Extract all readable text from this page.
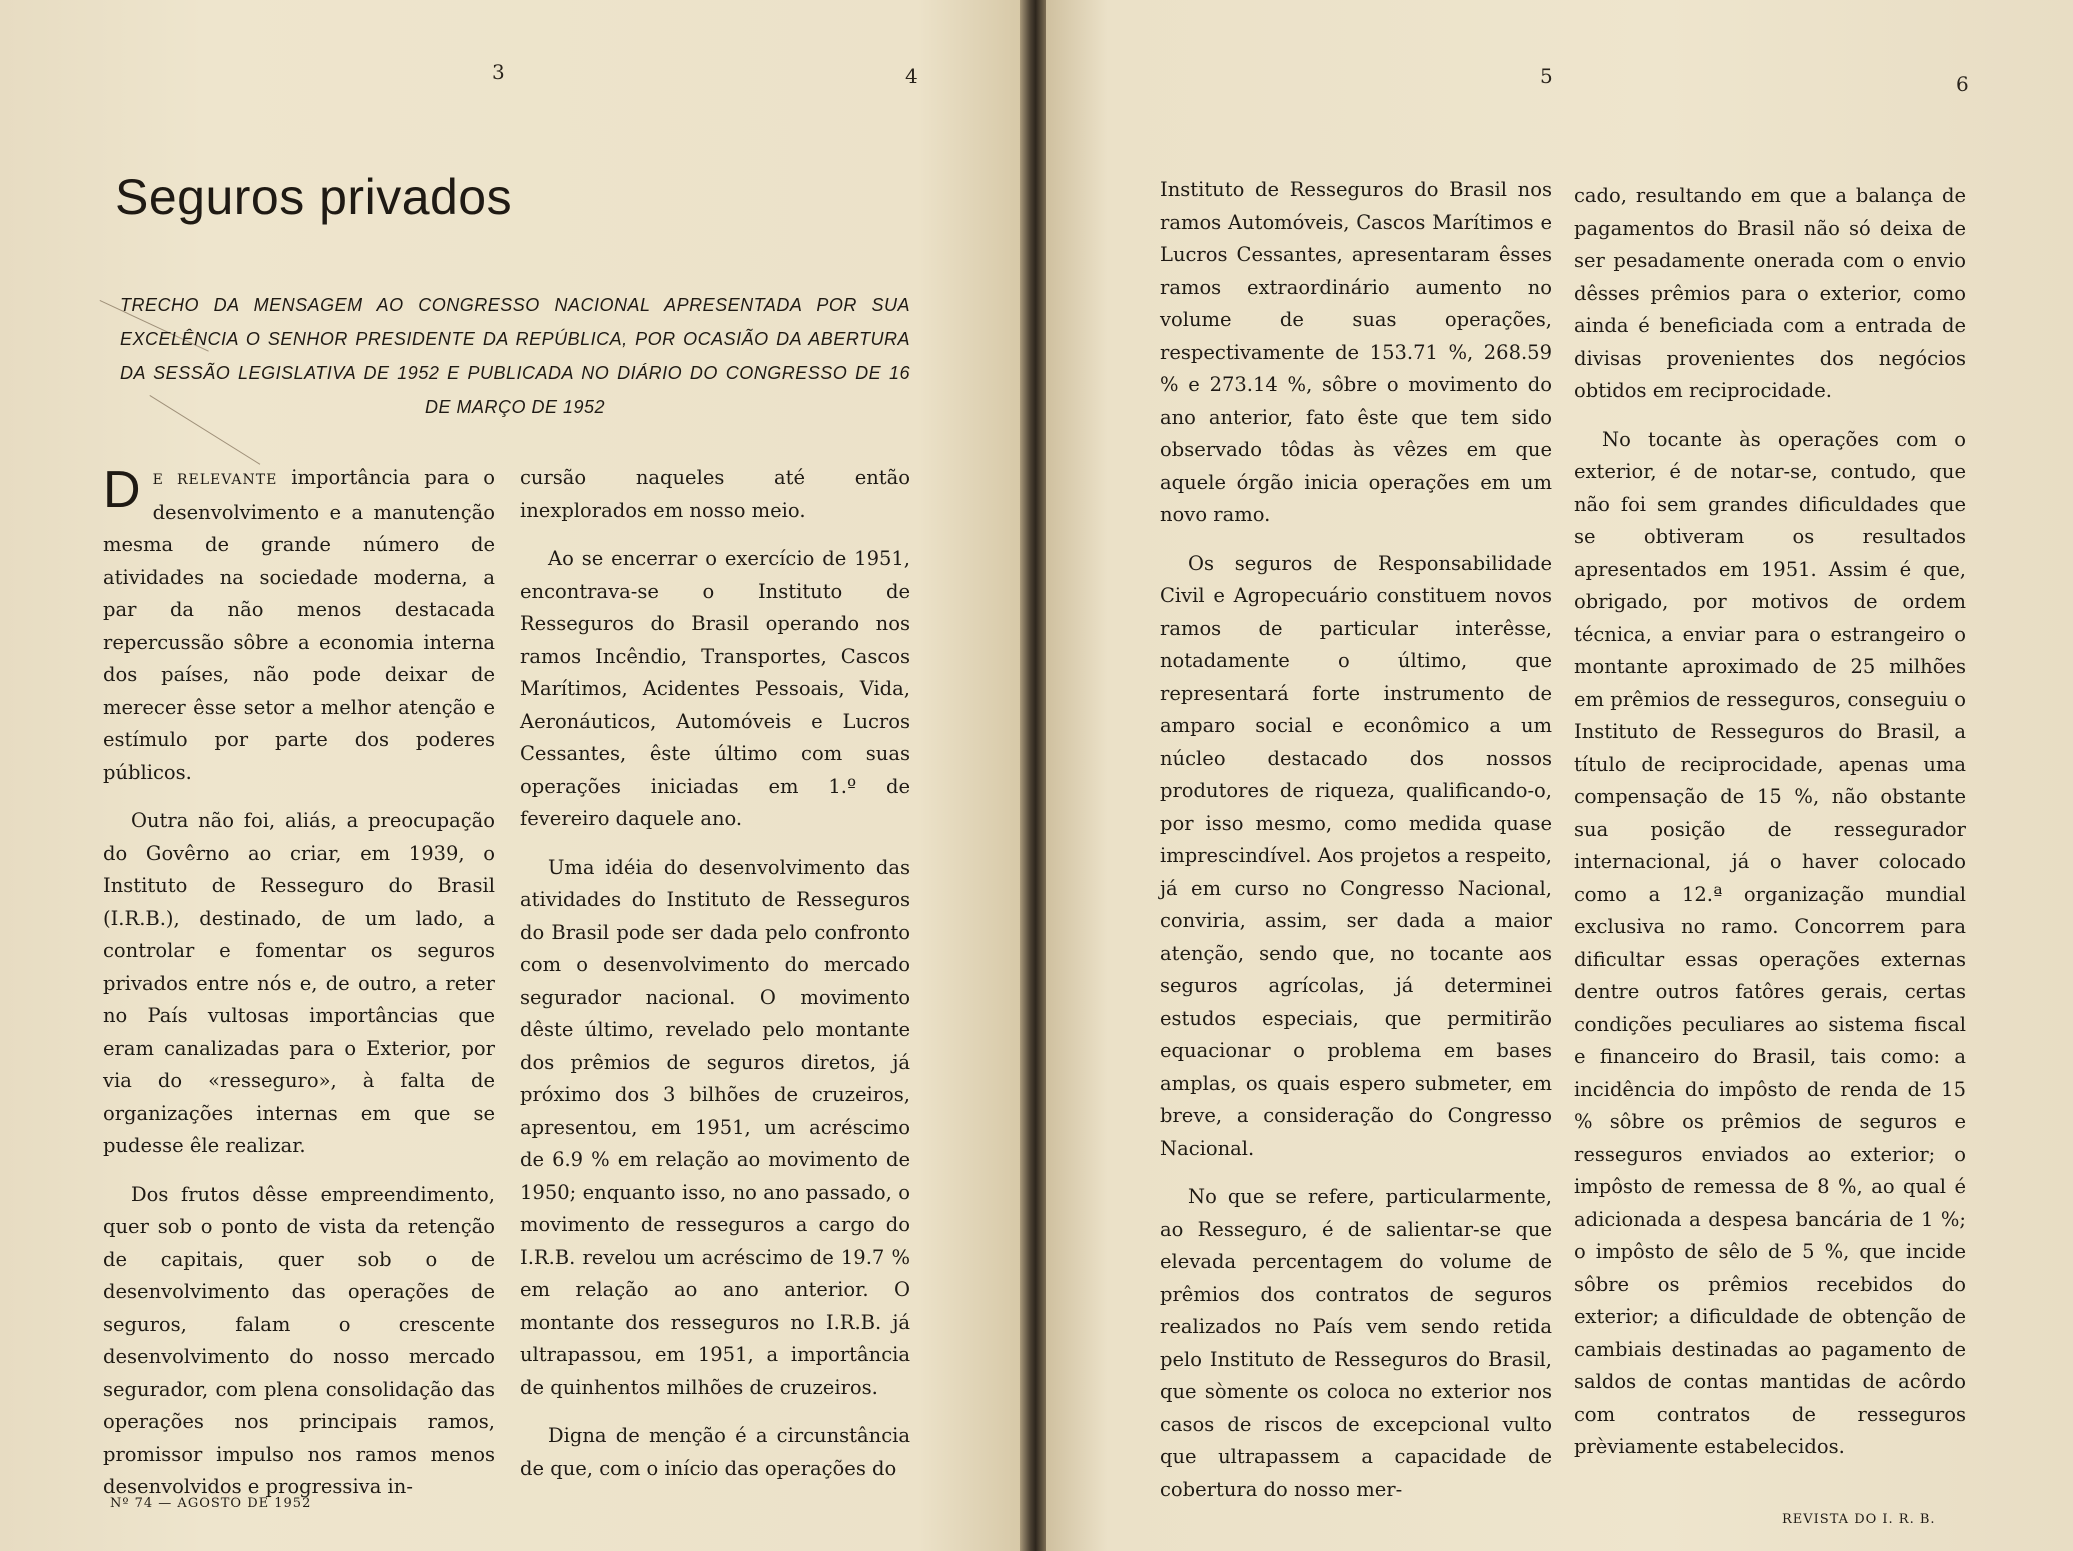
3	4
Seguros privados
TRECHO DA MENSAGEM AO CONGRESSO NACIONAL APRESENTADA POR SUA EXCELÊNCIA O SENHOR PRESIDENTE DA REPÚBLICA, POR OCASIÃO DA ABERTURA DA SESSÃO LEGISLATIVA DE 1952 E PUBLICADA NO DIÁRIO DO CONGRESSO DE 16 DE MARÇO DE 1952

D E RELEVANTE importância para o desenvolvimento e a manutenção mesma de grande número de atividades na sociedade moderna, a par da não menos destacada repercussão sôbre a economia interna dos países, não pode deixar de merecer êsse setor a melhor atenção e estímulo por parte dos poderes públicos.

Outra não foi, aliás, a preocupação do Govêrno ao criar, em 1939, o Instituto de Resseguro do Brasil (I.R.B.), destinado, de um lado, a controlar e fomentar os seguros privados entre nós e, de outro, a reter no País vultosas importâncias que eram canalizadas para o Exterior, por via do «resseguro», à falta de organizações internas em que se pudesse êle realizar.

Dos frutos dêsse empreendimento, quer sob o ponto de vista da retenção de capitais, quer sob o de desenvolvimento das operações de seguros, falam o crescente desenvolvimento do nosso mercado segurador, com plena consolidação das operações nos principais ramos, promissor impulso nos ramos menos desenvolvidos e progressiva in-

cursão naqueles até então inexplorados em nosso meio.

Ao se encerrar o exercício de 1951, encontrava-se o Instituto de Resseguros do Brasil operando nos ramos Incêndio, Transportes, Cascos Marítimos, Acidentes Pessoais, Vida, Aeronáuticos, Automóveis e Lucros Cessantes, êste último com suas operações iniciadas em 1.º de fevereiro daquele ano.

Uma idéia do desenvolvimento das atividades do Instituto de Resseguros do Brasil pode ser dada pelo confronto com o desenvolvimento do mercado segurador nacional. O movimento dêste último, revelado pelo montante dos prêmios de seguros diretos, já próximo dos 3 bilhões de cruzeiros, apresentou, em 1951, um acréscimo de 6.9 % em relação ao movimento de 1950; enquanto isso, no ano passado, o movimento de resseguros a cargo do I.R.B. revelou um acréscimo de 19.7 % em relação ao ano anterior. O montante dos resseguros no I.R.B. já ultrapassou, em 1951, a importância de quinhentos milhões de cruzeiros.

Digna de menção é a circunstância de que, com o início das operações do

Nº 74 — AGOSTO DE 1952
5	6

Instituto de Resseguros do Brasil nos ramos Automóveis, Cascos Marítimos e Lucros Cessantes, apresentaram êsses ramos extraordinário aumento no volume de suas operações, respectivamente de 153.71 %, 268.59 % e 273.14 %, sôbre o movimento do ano anterior, fato êste que tem sido observado tôdas às vêzes em que aquele órgão inicia operações em um novo ramo.

Os seguros de Responsabilidade Civil e Agropecuário constituem novos ramos de particular interêsse, notadamente o último, que representará forte instrumento de amparo social e econômico a um núcleo destacado dos nossos produtores de riqueza, qualificando-o, por isso mesmo, como medida quase imprescindível. Aos projetos a respeito, já em curso no Congresso Nacional, conviria, assim, ser dada a maior atenção, sendo que, no tocante aos seguros agrícolas, já determinei estudos especiais, que permitirão equacionar o problema em bases amplas, os quais espero submeter, em breve, a consideração do Congresso Nacional.

No que se refere, particularmente, ao Resseguro, é de salientar-se que elevada percentagem do volume de prêmios dos contratos de seguros realizados no País vem sendo retida pelo Instituto de Resseguros do Brasil, que sòmente os coloca no exterior nos casos de riscos de excepcional vulto que ultrapassem a capacidade de cobertura do nosso mer-

cado, resultando em que a balança de pagamentos do Brasil não só deixa de ser pesadamente onerada com o envio dêsses prêmios para o exterior, como ainda é beneficiada com a entrada de divisas provenientes dos negócios obtidos em reciprocidade.

No tocante às operações com o exterior, é de notar-se, contudo, que não foi sem grandes dificuldades que se obtiveram os resultados apresentados em 1951. Assim é que, obrigado, por motivos de ordem técnica, a enviar para o estrangeiro o montante aproximado de 25 milhões em prêmios de resseguros, conseguiu o Instituto de Resseguros do Brasil, a título de reciprocidade, apenas uma compensação de 15 %, não obstante sua posição de ressegurador internacional, já o haver colocado como a 12.ª organização mundial exclusiva no ramo. Concorrem para dificultar essas operações externas dentre outros fatôres gerais, certas condições peculiares ao sistema fiscal e financeiro do Brasil, tais como: a incidência do impôsto de renda de 15 % sôbre os prêmios de seguros e resseguros enviados ao exterior; o impôsto de remessa de 8 %, ao qual é adicionada a despesa bancária de 1 %; o impôsto de sêlo de 5 %, que incide sôbre os prêmios recebidos do exterior; a dificuldade de obtenção de cambiais destinadas ao pagamento de saldos de contas mantidas de acôrdo com contratos de resseguros prèviamente estabelecidos.

REVISTA DO I. R. B.
